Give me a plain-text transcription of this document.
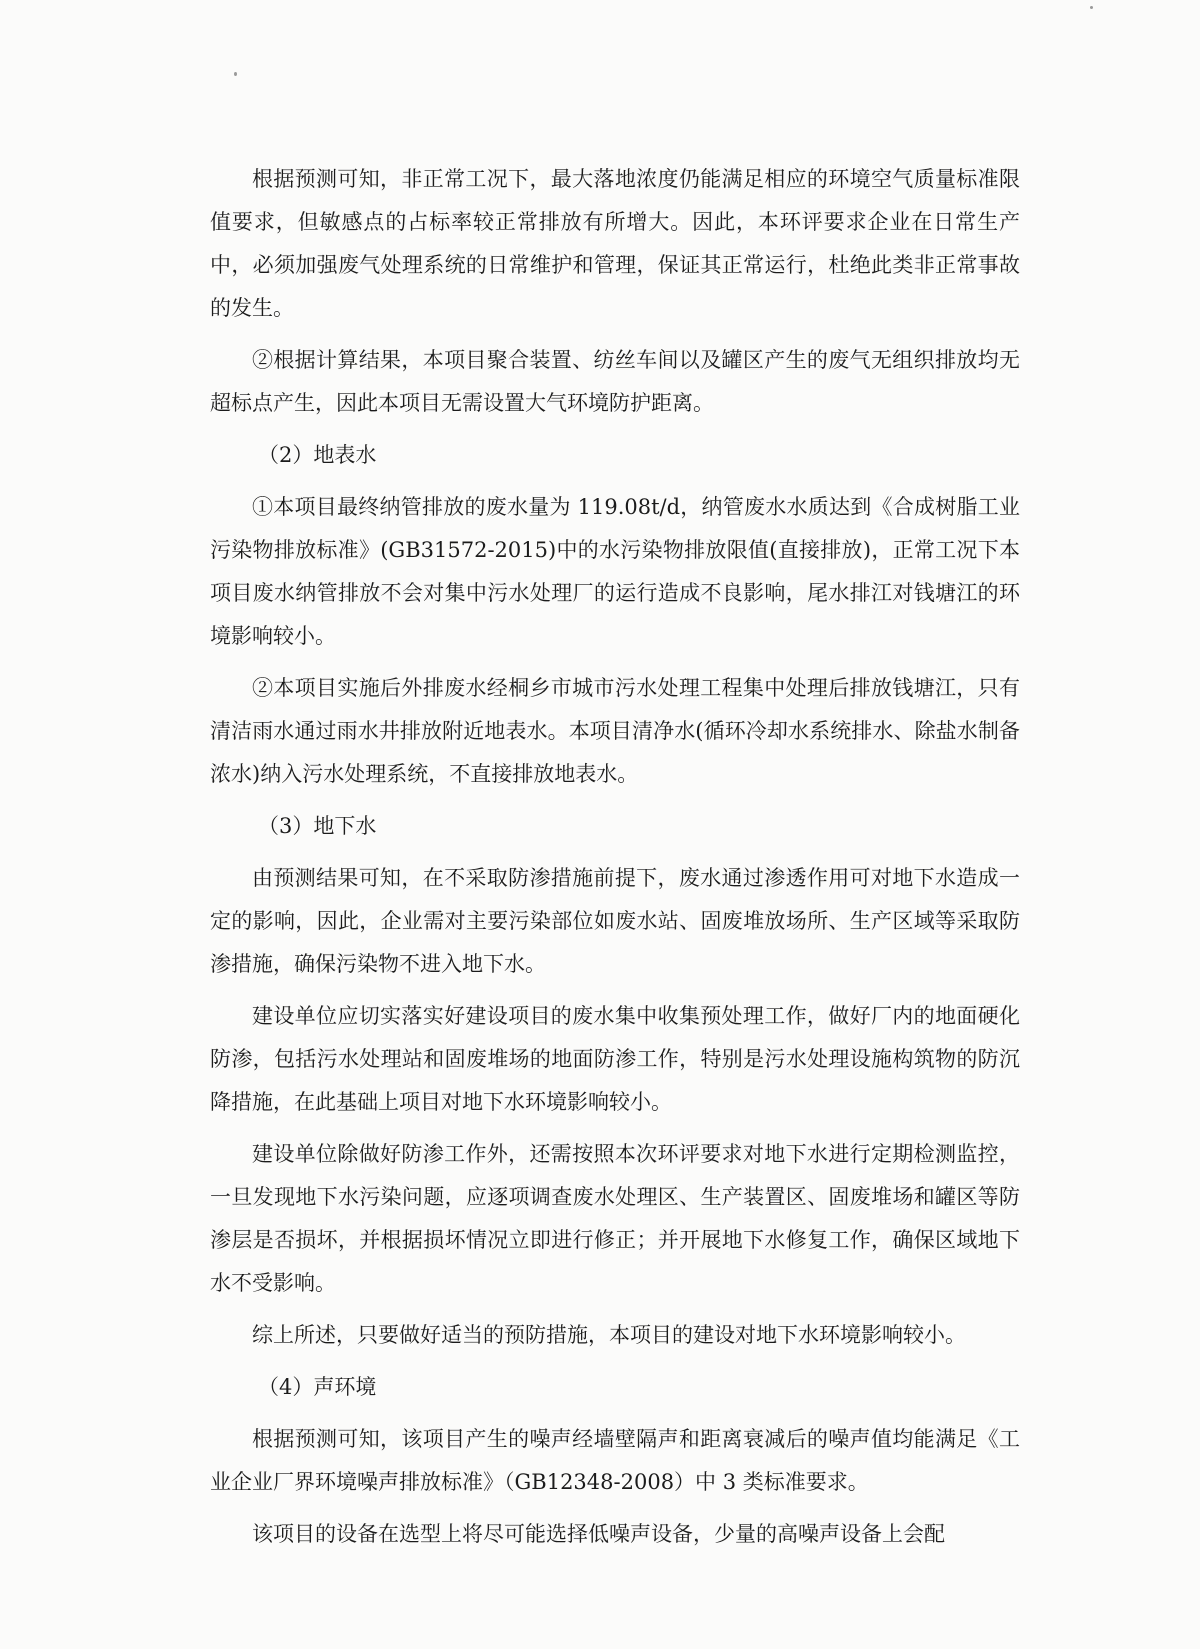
根据预测可知，非正常工况下，最大落地浓度仍能满足相应的环境空气质量标准限值要求，但敏感点的占标率较正常排放有所增大。因此，本环评要求企业在日常生产中，必须加强废气处理系统的日常维护和管理，保证其正常运行，杜绝此类非正常事故的发生。

②根据计算结果，本项目聚合装置、纺丝车间以及罐区产生的废气无组织排放均无超标点产生，因此本项目无需设置大气环境防护距离。

（2）地表水

①本项目最终纳管排放的废水量为 119.08t/d，纳管废水水质达到《合成树脂工业污染物排放标准》(GB31572-2015)中的水污染物排放限值(直接排放)，正常工况下本项目废水纳管排放不会对集中污水处理厂的运行造成不良影响，尾水排江对钱塘江的环境影响较小。

②本项目实施后外排废水经桐乡市城市污水处理工程集中处理后排放钱塘江，只有清洁雨水通过雨水井排放附近地表水。本项目清净水(循环冷却水系统排水、除盐水制备浓水)纳入污水处理系统，不直接排放地表水。

（3）地下水

由预测结果可知，在不采取防渗措施前提下，废水通过渗透作用可对地下水造成一定的影响，因此，企业需对主要污染部位如废水站、固废堆放场所、生产区域等采取防渗措施，确保污染物不进入地下水。

建设单位应切实落实好建设项目的废水集中收集预处理工作，做好厂内的地面硬化防渗，包括污水处理站和固废堆场的地面防渗工作，特别是污水处理设施构筑物的防沉降措施，在此基础上项目对地下水环境影响较小。

建设单位除做好防渗工作外，还需按照本次环评要求对地下水进行定期检测监控，一旦发现地下水污染问题，应逐项调查废水处理区、生产装置区、固废堆场和罐区等防渗层是否损坏，并根据损坏情况立即进行修正；并开展地下水修复工作，确保区域地下水不受影响。

综上所述，只要做好适当的预防措施，本项目的建设对地下水环境影响较小。

（4）声环境

根据预测可知，该项目产生的噪声经墙壁隔声和距离衰减后的噪声值均能满足《工业企业厂界环境噪声排放标准》（GB12348-2008）中 3 类标准要求。

该项目的设备在选型上将尽可能选择低噪声设备，少量的高噪声设备上会配
